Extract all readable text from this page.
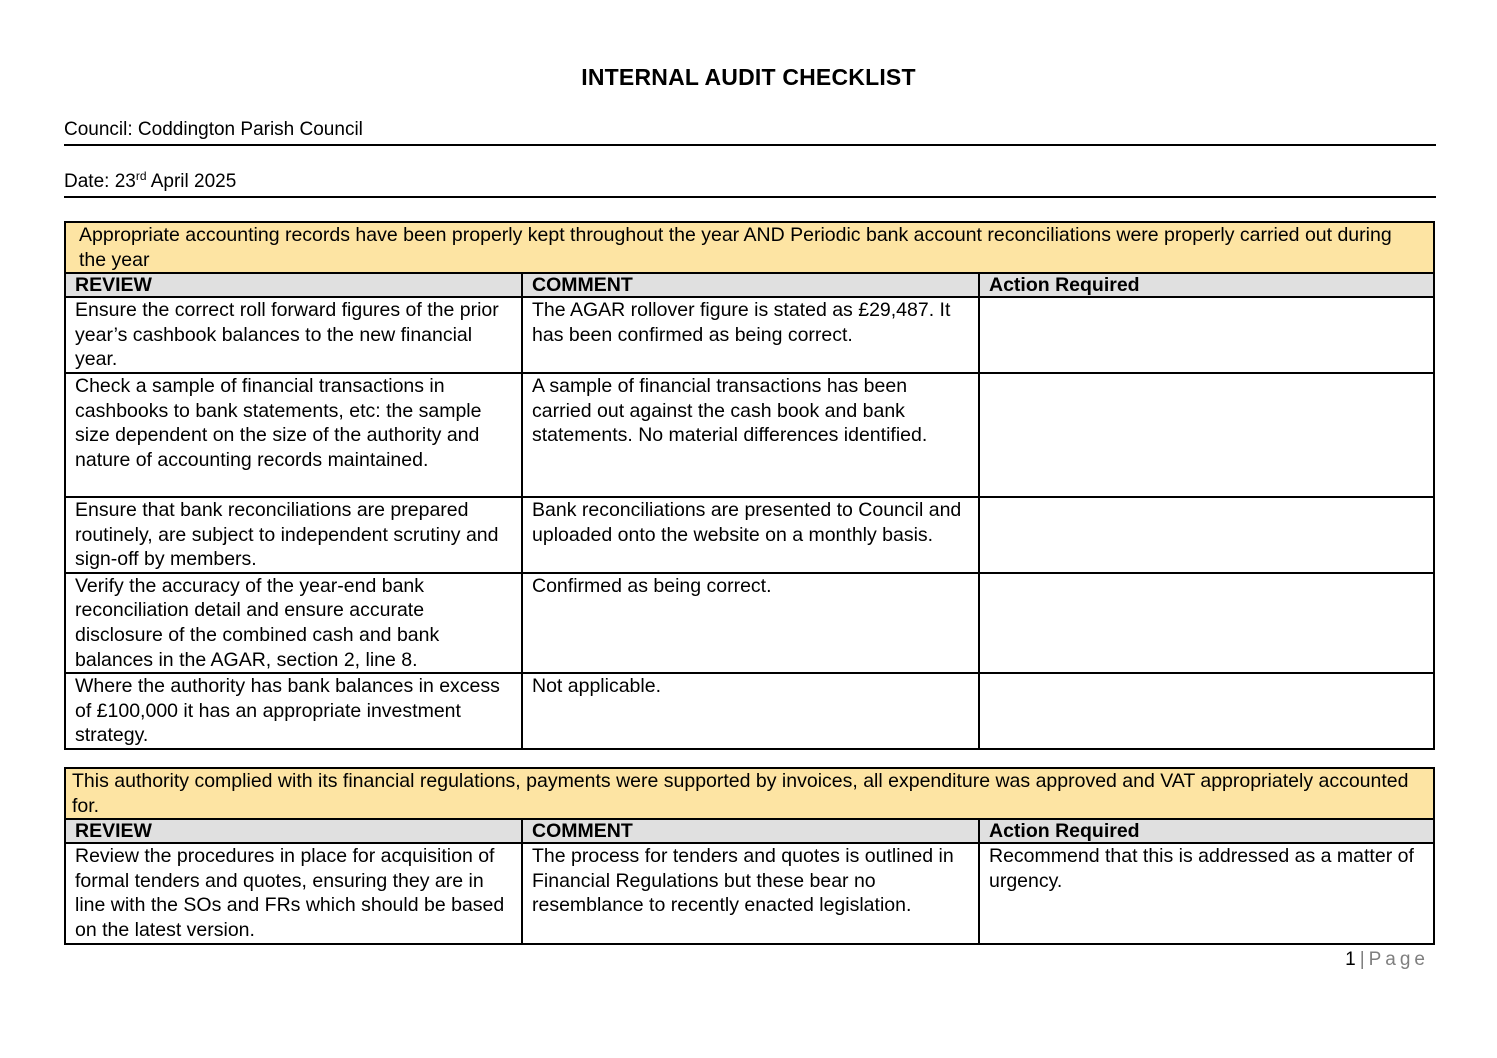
INTERNAL AUDIT CHECKLIST
Council: Coddington Parish Council
Date: 23rd April 2025
Appropriate accounting records have been properly kept throughout the year AND Periodic bank account reconciliations were properly carried out during the year		
REVIEW	COMMENT	Action Required
Ensure the correct roll forward figures of the prior year’s cashbook balances to the new financial year.	The AGAR rollover figure is stated as £29,487. It has been confirmed as being correct.	
Check a sample of financial transactions in cashbooks to bank statements, etc: the sample size dependent on the size of the authority and nature of accounting records maintained.	A sample of financial transactions has been carried out against the cash book and bank statements. No material differences identified.	
Ensure that bank reconciliations are prepared routinely, are subject to independent scrutiny and sign-off by members.	Bank reconciliations are presented to Council and uploaded onto the website on a monthly basis.	
Verify the accuracy of the year-end bank reconciliation detail and ensure accurate disclosure of the combined cash and bank balances in the AGAR, section 2, line 8.	Confirmed as being correct.	
Where the authority has bank balances in excess of £100,000 it has an appropriate investment strategy.	Not applicable.	
This authority complied with its financial regulations, payments were supported by invoices, all expenditure was approved and VAT appropriately accounted for.		
REVIEW	COMMENT	Action Required
Review the procedures in place for acquisition of formal tenders and quotes, ensuring they are in line with the SOs and FRs which should be based on the latest version.	The process for tenders and quotes is outlined in Financial Regulations but these bear no resemblance to recently enacted legislation.	Recommend that this is addressed as a matter of urgency.
1 | Page
